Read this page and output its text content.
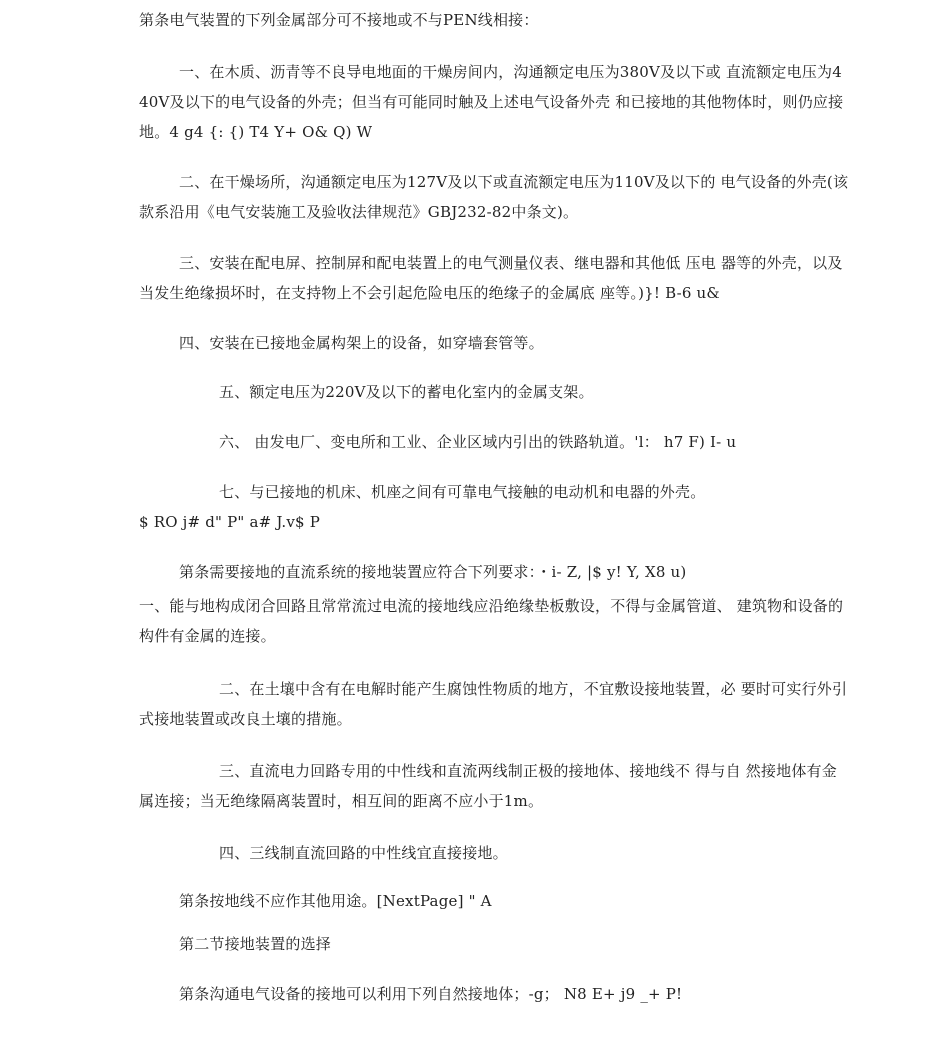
第条电气装置的下列金属部分可不接地或不与PEN线相接：

一、在木质、沥青等不良导电地面的干燥房间内，沟通额定电压为380V及以下或 直流额定电压为440V及以下的电气设备的外壳；但当有可能同时触及上述电气设备外壳 和已接地的其他物体时，则仍应接地。4 g4 {: {) T4 Y+ O& Q) W

二、在干燥场所，沟通额定电压为127V及以下或直流额定电压为110V及以下的 电气设备的外壳(该款系沿用《电气安装施工及验收法律规范》GBJ232-82中条文)。

三、安装在配电屏、控制屏和配电装置上的电气测量仪表、继电器和其他低 压电 器等的外壳，以及当发生绝缘损坏时，在支持物上不会引起危险电压的绝缘子的金属底 座等。)}! B-6 u&

四、安装在已接地金属构架上的设备，如穿墙套管等。

五、额定电压为220V及以下的蓄电化室内的金属支架。

六、 由发电厂、变电所和工业、企业区域内引出的铁路轨道。'l： h7 F) I- u

七、与已接地的机床、机座之间有可靠电气接触的电动机和电器的外壳。

$ RO j# d" P" a# J.v$ P

第条需要接地的直流系统的接地装置应符合下列要求：・i- Z, |$ y! Y, X8 u)

一、能与地构成闭合回路且常常流过电流的接地线应沿绝缘垫板敷设，不得与金属管道、 建筑物和设备的构件有金属的连接。

二、在土壤中含有在电解时能产生腐蚀性物质的地方，不宜敷设接地装置，必 要时可实行外引式接地装置或改良土壤的措施。

三、直流电力回路专用的中性线和直流两线制正极的接地体、接地线不 得与自 然接地体有金属连接；当无绝缘隔离装置时，相互间的距离不应小于1m。

四、三线制直流回路的中性线宜直接接地。

第条按地线不应作其他用途。[NextPage] " A

第二节接地装置的选择

第条沟通电气设备的接地可以利用下列自然接地体；-g； N8 E+ j9 _+ P!
